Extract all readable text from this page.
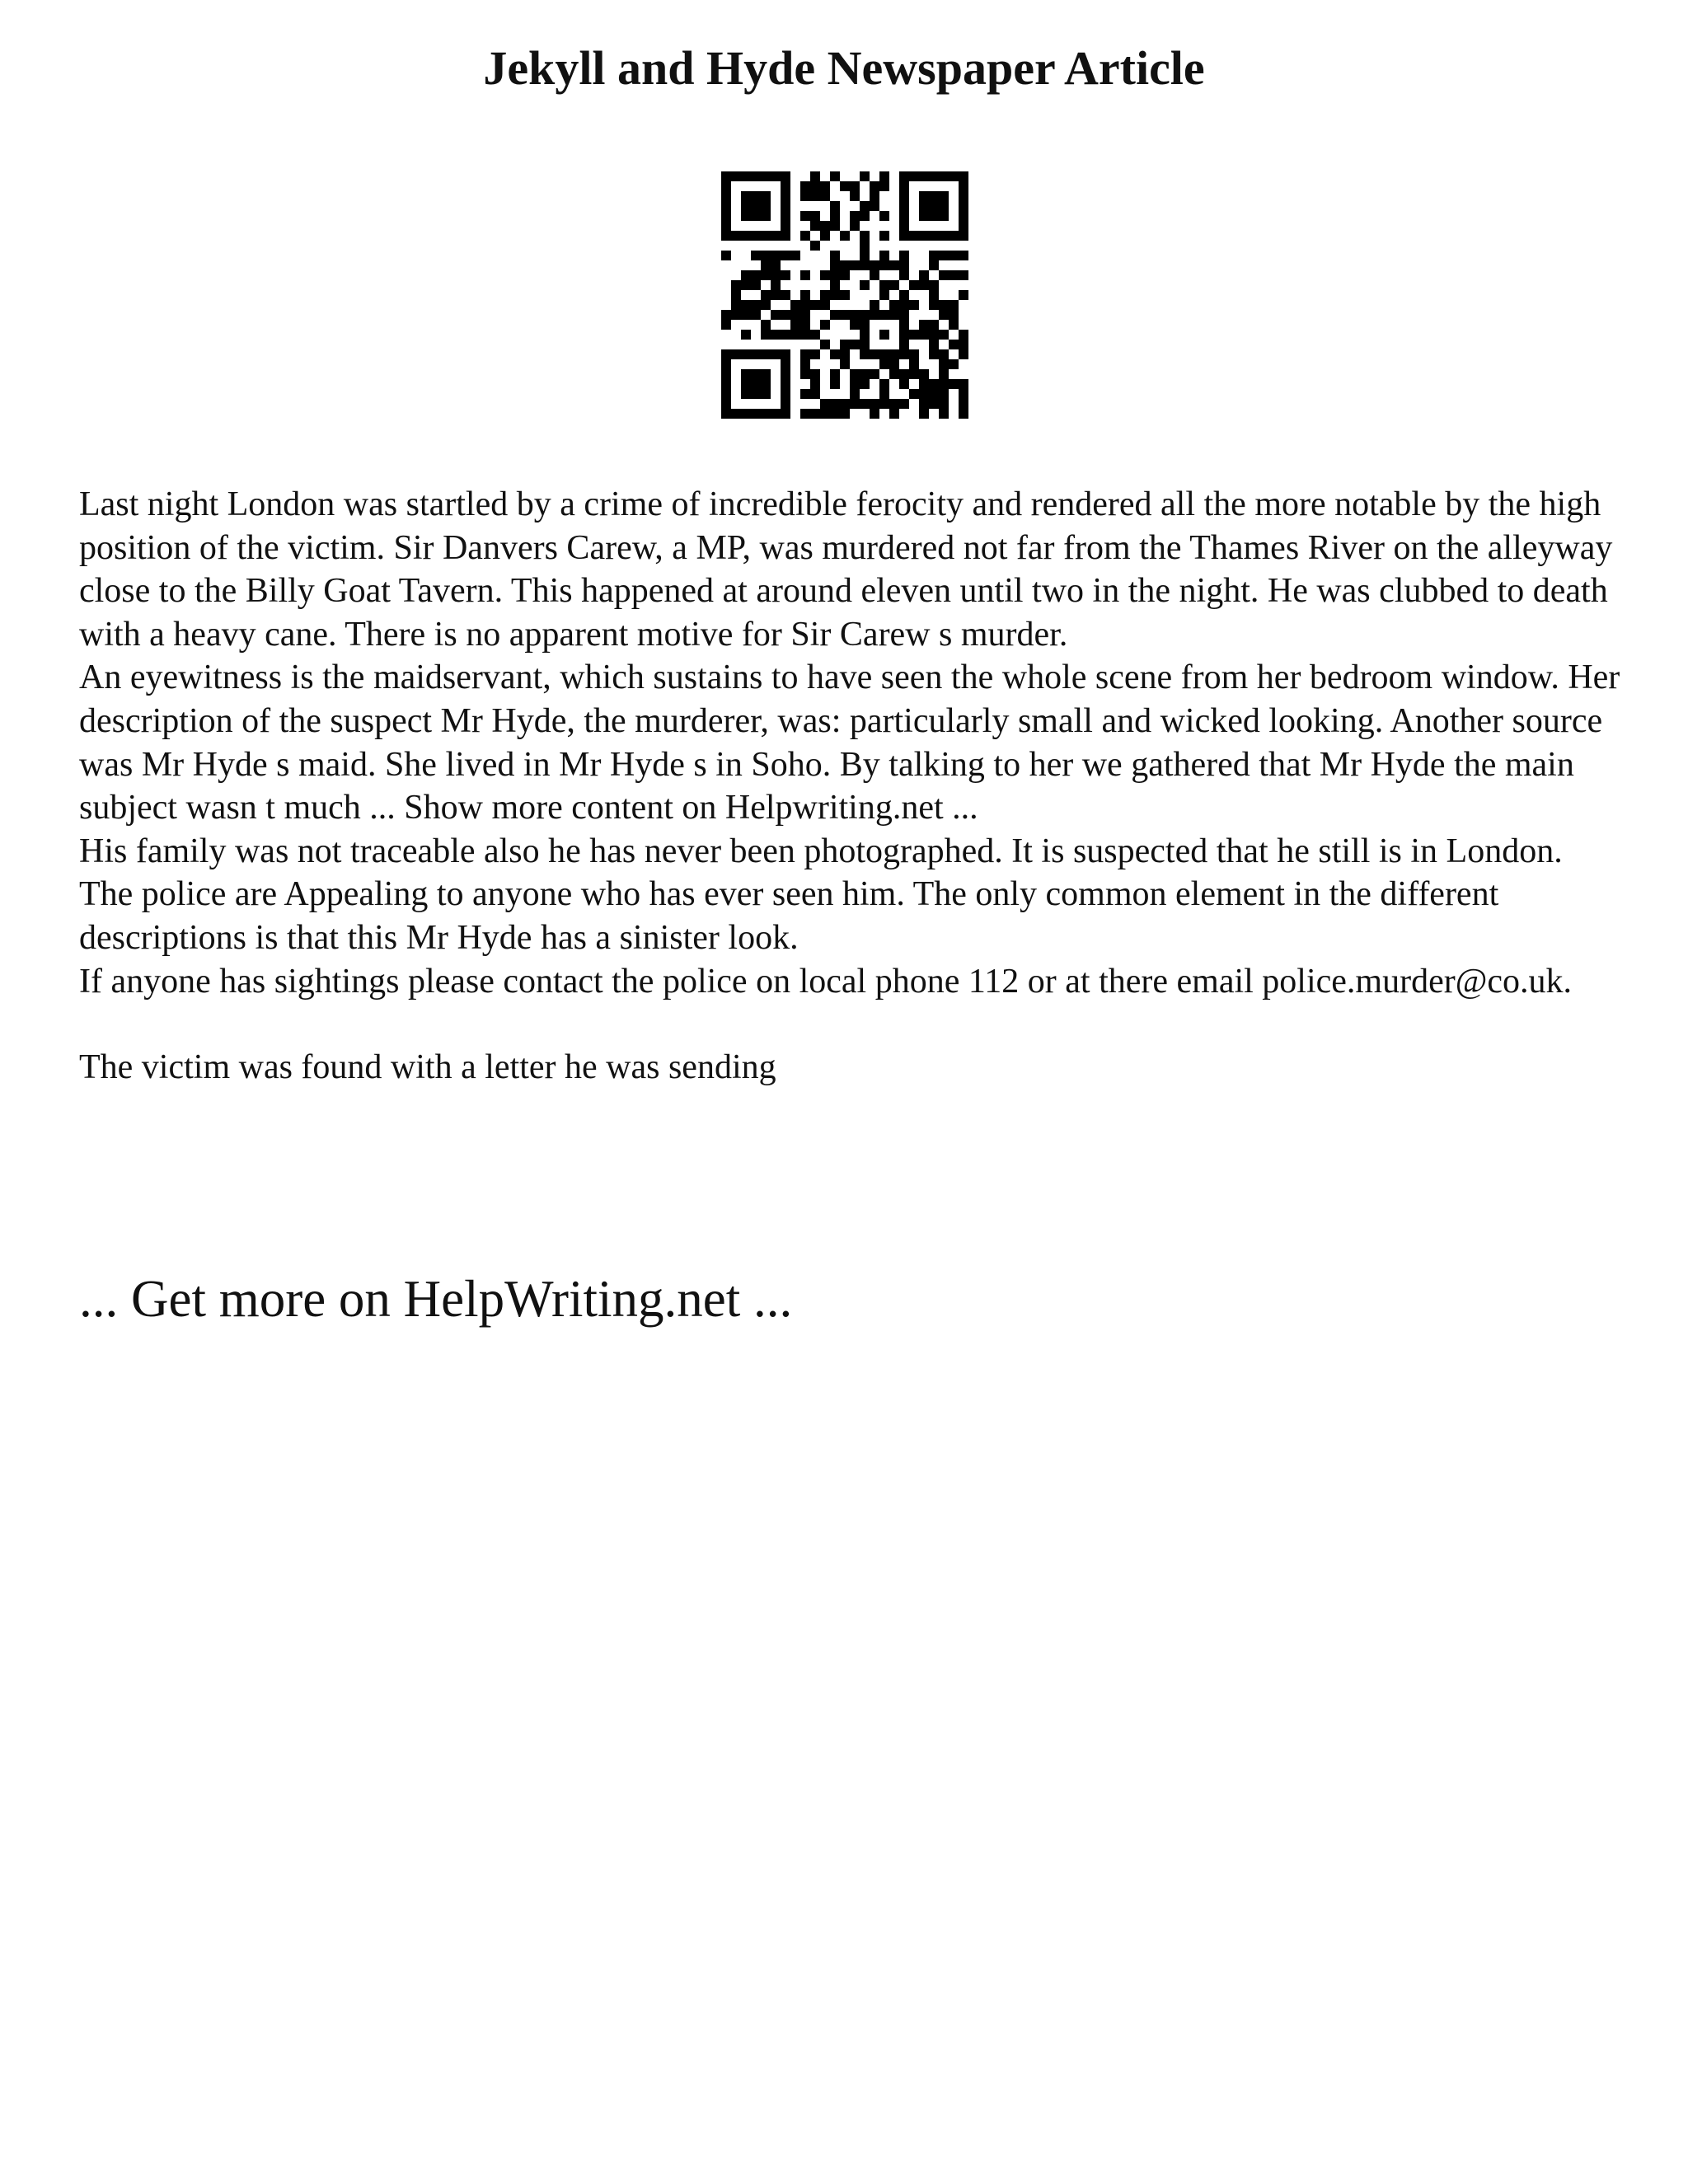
Jekyll and Hyde Newspaper Article

Last night London was startled by a crime of incredible ferocity and rendered all the more notable by the high position of the victim. Sir Danvers Carew, a MP, was murdered not far from the Thames River on the alleyway close to the Billy Goat Tavern. This happened at around eleven until two in the night. He was clubbed to death with a heavy cane. There is no apparent motive for Sir Carew s murder.

An eyewitness is the maidservant, which sustains to have seen the whole scene from her bedroom window. Her description of the suspect Mr Hyde, the murderer, was: particularly small and wicked looking. Another source was Mr Hyde s maid. She lived in Mr Hyde s in Soho. By talking to her we gathered that Mr Hyde the main subject wasn t much ... Show more content on Helpwriting.net ...

His family was not traceable also he has never been photographed. It is suspected that he still is in London.

The police are Appealing to anyone who has ever seen him. The only common element in the different descriptions is that this Mr Hyde has a sinister look.

If anyone has sightings please contact the police on local phone 112 or at there email police.murder@co.uk.

The victim was found with a letter he was sending

... Get more on HelpWriting.net ...
